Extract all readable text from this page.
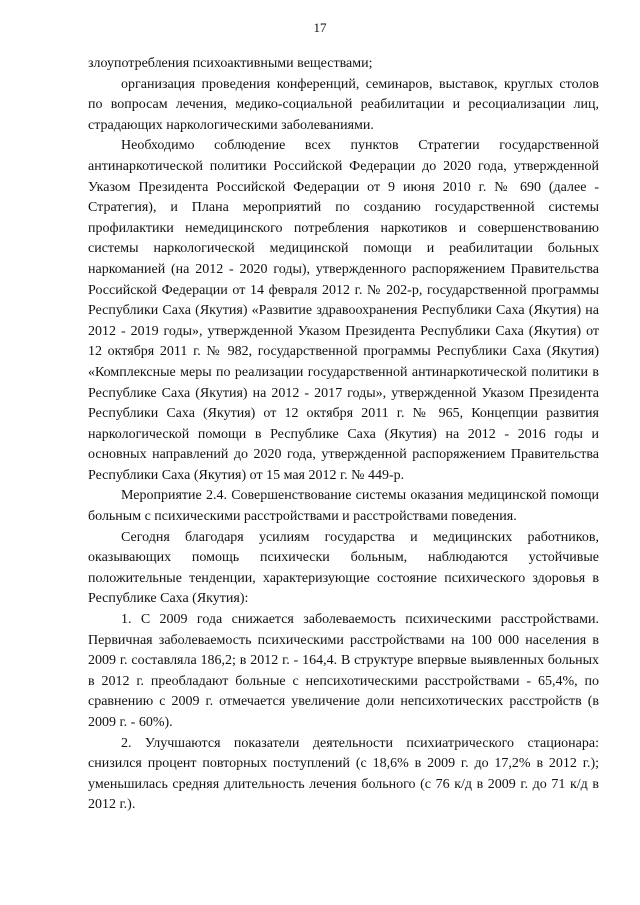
17

злоупотребления психоактивными веществами;

организация проведения конференций, семинаров, выставок, круглых столов по вопросам лечения, медико-социальной реабилитации и ресоциализации лиц, страдающих наркологическими заболеваниями.

Необходимо соблюдение всех пунктов Стратегии государственной антинаркотической политики Российской Федерации до 2020 года, утвержденной Указом Президента Российской Федерации от 9 июня 2010 г. № 690 (далее - Стратегия), и Плана мероприятий по созданию государственной системы профилактики немедицинского потребления наркотиков и совершенствованию системы наркологической медицинской помощи и реабилитации больных наркоманией (на 2012 - 2020 годы), утвержденного распоряжением Правительства Российской Федерации от 14 февраля 2012 г. № 202-р, государственной программы Республики Саха (Якутия) «Развитие здравоохранения Республики Саха (Якутия) на 2012 - 2019 годы», утвержденной Указом Президента Республики Саха (Якутия) от 12 октября 2011 г. № 982, государственной программы Республики Саха (Якутия) «Комплексные меры по реализации государственной антинаркотической политики в Республике Саха (Якутия) на 2012 - 2017 годы», утвержденной Указом Президента Республики Саха (Якутия) от 12 октября 2011 г. № 965, Концепции развития наркологической помощи в Республике Саха (Якутия) на 2012 - 2016 годы и основных направлений до 2020 года, утвержденной распоряжением Правительства Республики Саха (Якутия) от 15 мая 2012 г. № 449-р.

Мероприятие 2.4. Совершенствование системы оказания медицинской помощи больным с психическими расстройствами и расстройствами поведения.

Сегодня благодаря усилиям государства и медицинских работников, оказывающих помощь психически больным, наблюдаются устойчивые положительные тенденции, характеризующие состояние психического здоровья в Республике Саха (Якутия):

1. С 2009 года снижается заболеваемость психическими расстройствами. Первичная заболеваемость психическими расстройствами на 100 000 населения в 2009 г. составляла 186,2; в 2012 г. - 164,4. В структуре впервые выявленных больных в 2012 г. преобладают больные с непсихотическими расстройствами - 65,4%, по сравнению с 2009 г. отмечается увеличение доли непсихотических расстройств (в 2009 г. - 60%).

2. Улучшаются показатели деятельности психиатрического стационара: снизился процент повторных поступлений (с 18,6% в 2009 г. до 17,2% в 2012 г.); уменьшилась средняя длительность лечения больного (с 76 к/д в 2009 г. до 71 к/д в 2012 г.).
